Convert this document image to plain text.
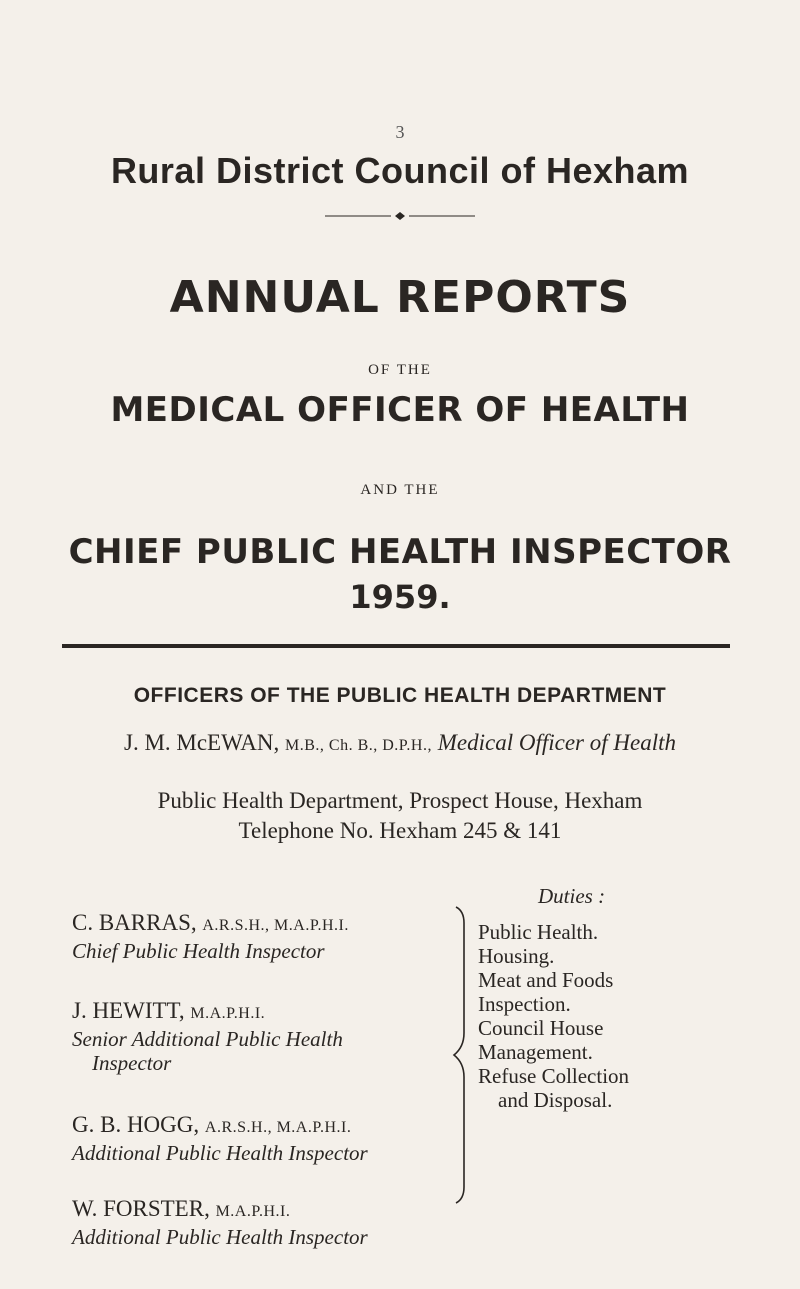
3
Rural District Council of Hexham
ANNUAL REPORTS
OF THE
MEDICAL OFFICER OF HEALTH
AND THE
CHIEF PUBLIC HEALTH INSPECTOR
1959.
OFFICERS OF THE PUBLIC HEALTH DEPARTMENT
J. M. McEWAN, M.B., Ch. B., D.P.H., Medical Officer of Health
Public Health Department, Prospect House, Hexham
Telephone No. Hexham 245 & 141
Duties :
C. BARRAS, A.R.S.H., M.A.P.H.I.
Chief Public Health Inspector
J. HEWITT, M.A.P.H.I.
Senior Additional Public Health
Inspector
G. B. HOGG, A.R.S.H., M.A.P.H.I.
Additional Public Health Inspector
W. FORSTER, M.A.P.H.I.
Additional Public Health Inspector
Public Health.
Housing.
Meat and Foods
Inspection.
Council House
Management.
Refuse Collection
and Disposal.
